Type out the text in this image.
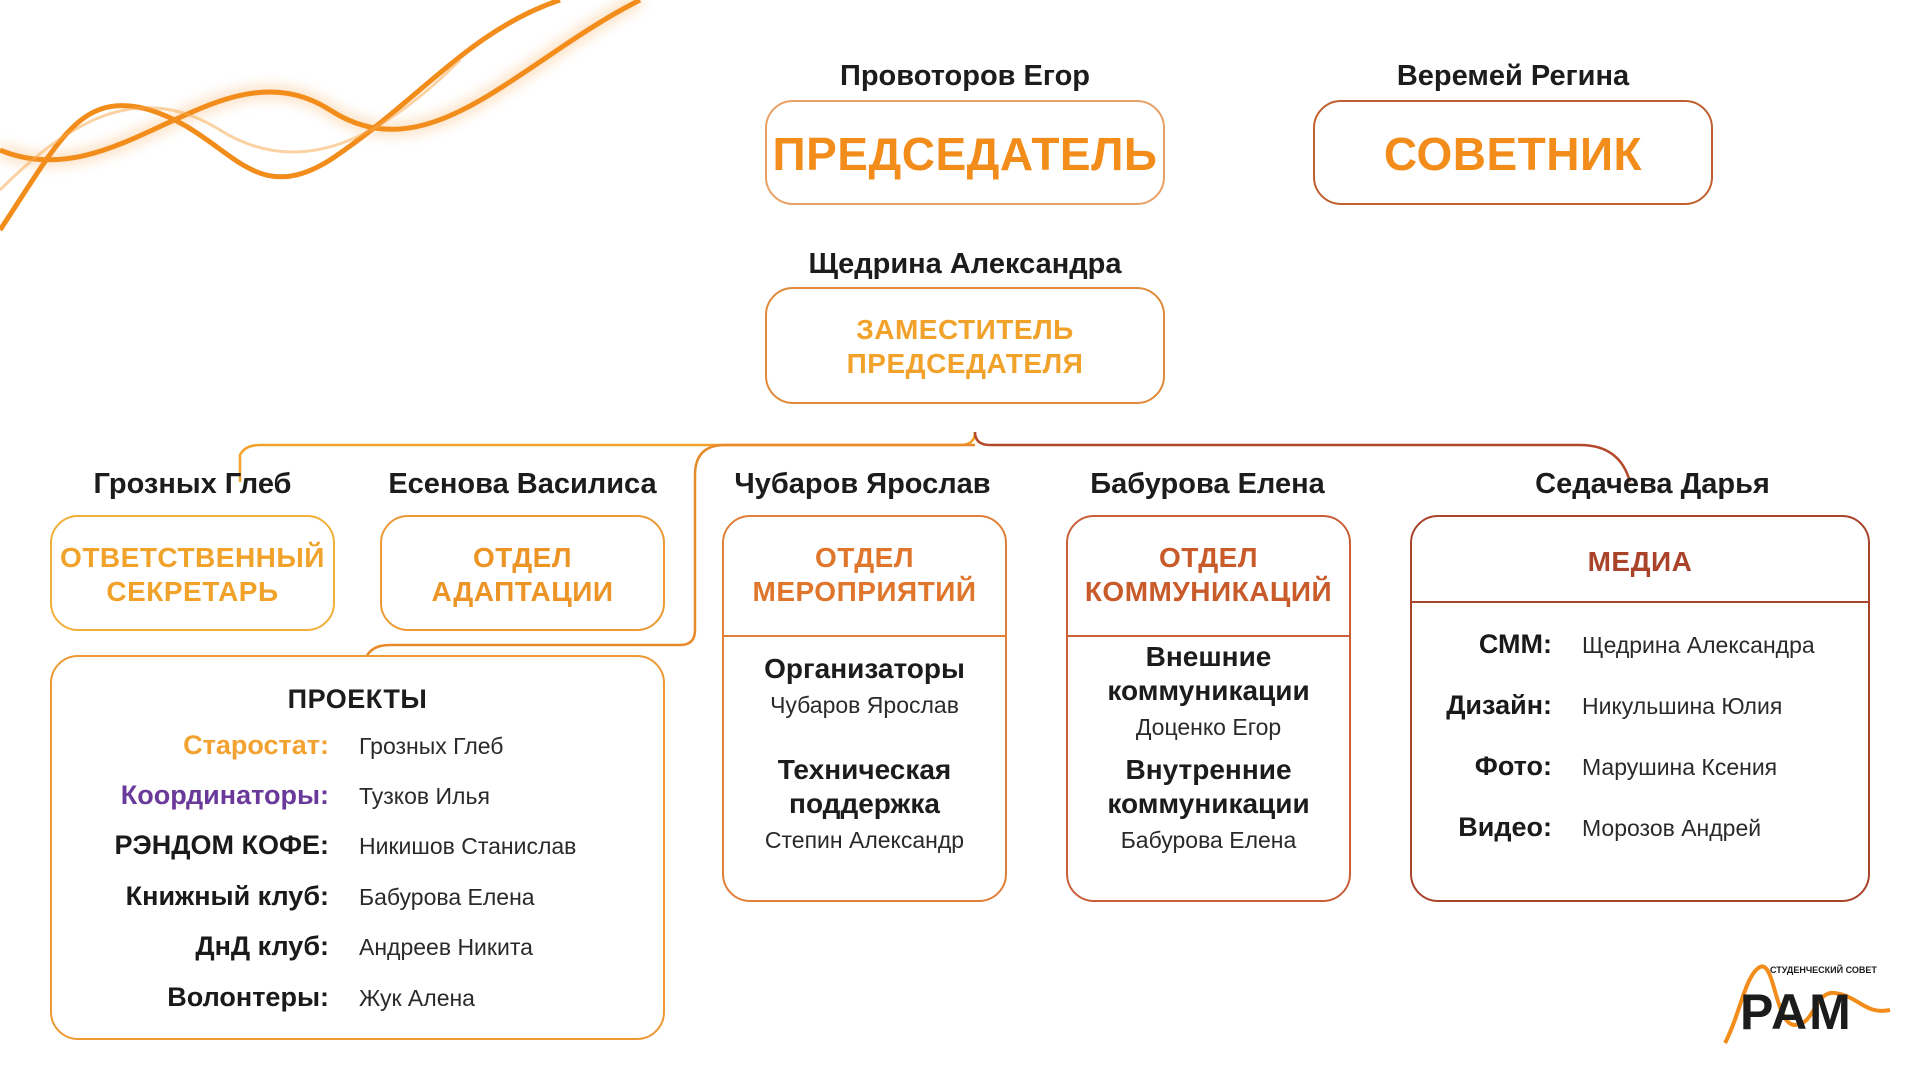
Провоторов Егор
ПРЕДСЕДАТЕЛЬ
Веремей Регина
СОВЕТНИК
Щедрина Александра
ЗАМЕСТИТЕЛЬ
ПРЕДСЕДАТЕЛЯ
Грозных Глеб
ОТВЕТСТВЕННЫЙ
СЕКРЕТАРЬ
Есенова Василиса
ОТДЕЛ
АДАПТАЦИИ
Чубаров Ярослав
ОТДЕЛ
МЕРОПРИЯТИЙ
Организаторы
Чубаров Ярослав
Техническая
поддержка
Степин Александр
Бабурова Елена
ОТДЕЛ
КОММУНИКАЦИЙ
Внешние
коммуникации
Доценко Егор
Внутренние
коммуникации
Бабурова Елена
Седачева Дарья
МЕДИА
СММ: Щедрина Александра
Дизайн: Никульшина Юлия
Фото: Марушина Ксения
Видео: Морозов Андрей
ПРОЕКТЫ
Старостат: Грозных Глеб
Координаторы: Тузков Илья
РЭНДОМ КОФЕ: Никишов Станислав
Книжный клуб: Бабурова Елена
ДнД клуб: Андреев Никита
Волонтеры: Жук Алена
СТУДЕНЧЕСКИЙ СОВЕТ
РАМ
